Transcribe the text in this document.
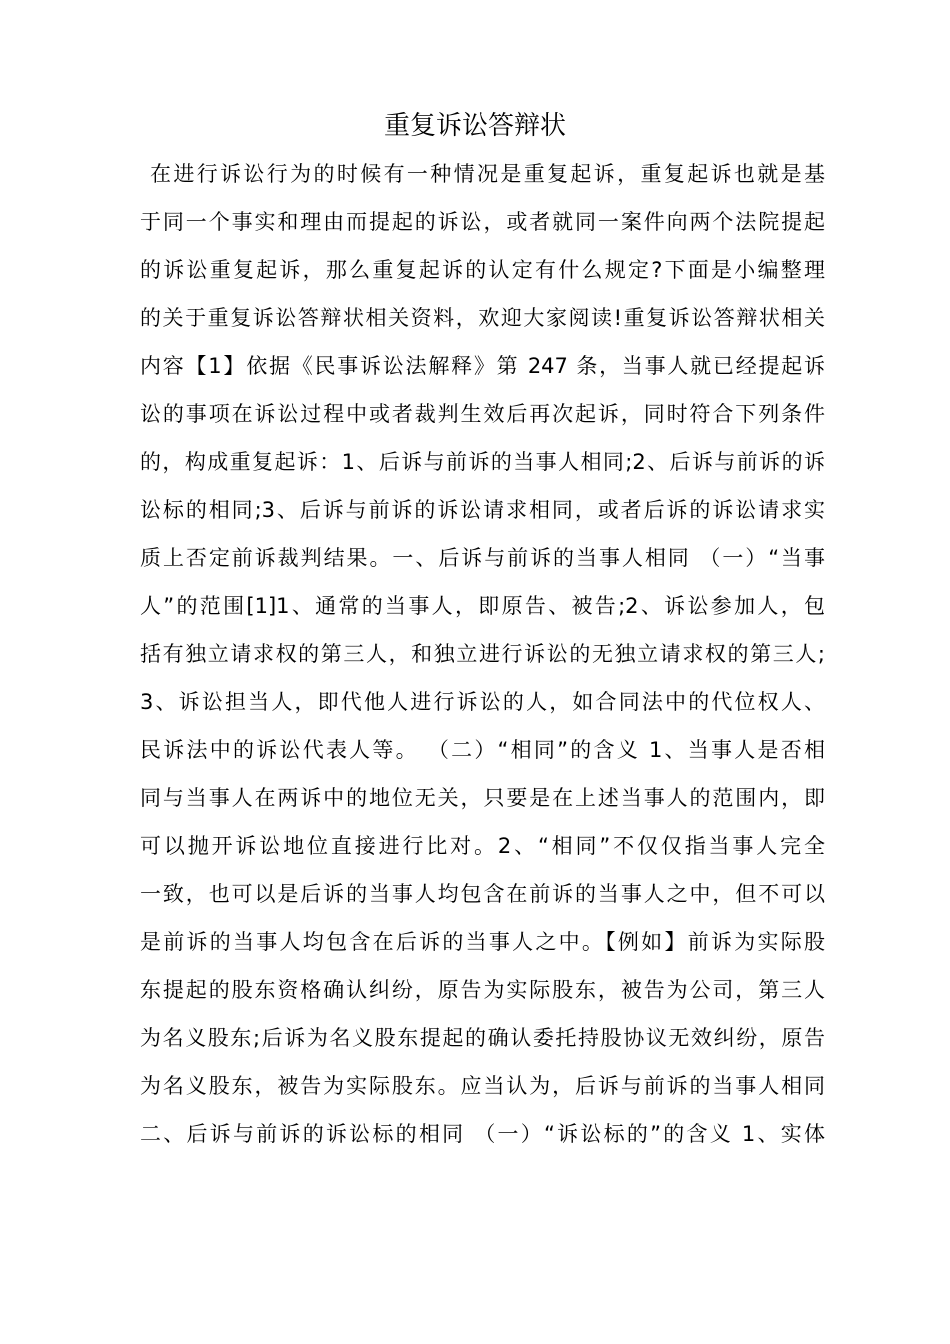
重复诉讼答辩状
在进行诉讼行为的时候有一种情况是重复起诉，重复起诉也就是基
于同一个事实和理由而提起的诉讼，或者就同一案件向两个法院提起
的诉讼重复起诉，那么重复起诉的认定有什么规定?下面是小编整理
的关于重复诉讼答辩状相关资料，欢迎大家阅读!重复诉讼答辩状相关
内容【1】依据《民事诉讼法解释》第 247 条，当事人就已经提起诉
讼的事项在诉讼过程中或者裁判生效后再次起诉，同时符合下列条件
的，构成重复起诉：1、后诉与前诉的当事人相同;2、后诉与前诉的诉
讼标的相同;3、后诉与前诉的诉讼请求相同，或者后诉的诉讼请求实
质上否定前诉裁判结果。一、后诉与前诉的当事人相同 （一）“当事
人”的范围[1]1、通常的当事人，即原告、被告;2、诉讼参加人，包
括有独立请求权的第三人，和独立进行诉讼的无独立请求权的第三人;
3、诉讼担当人，即代他人进行诉讼的人，如合同法中的代位权人、
民诉法中的诉讼代表人等。 （二）“相同”的含义 1、当事人是否相
同与当事人在两诉中的地位无关，只要是在上述当事人的范围内，即
可以抛开诉讼地位直接进行比对。2、“相同”不仅仅指当事人完全
一致，也可以是后诉的当事人均包含在前诉的当事人之中，但不可以
是前诉的当事人均包含在后诉的当事人之中。【例如】前诉为实际股
东提起的股东资格确认纠纷，原告为实际股东，被告为公司，第三人
为名义股东;后诉为名义股东提起的确认委托持股协议无效纠纷，原告
为名义股东，被告为实际股东。应当认为，后诉与前诉的当事人相同
二、后诉与前诉的诉讼标的相同 （一）“诉讼标的”的含义 1、实体
